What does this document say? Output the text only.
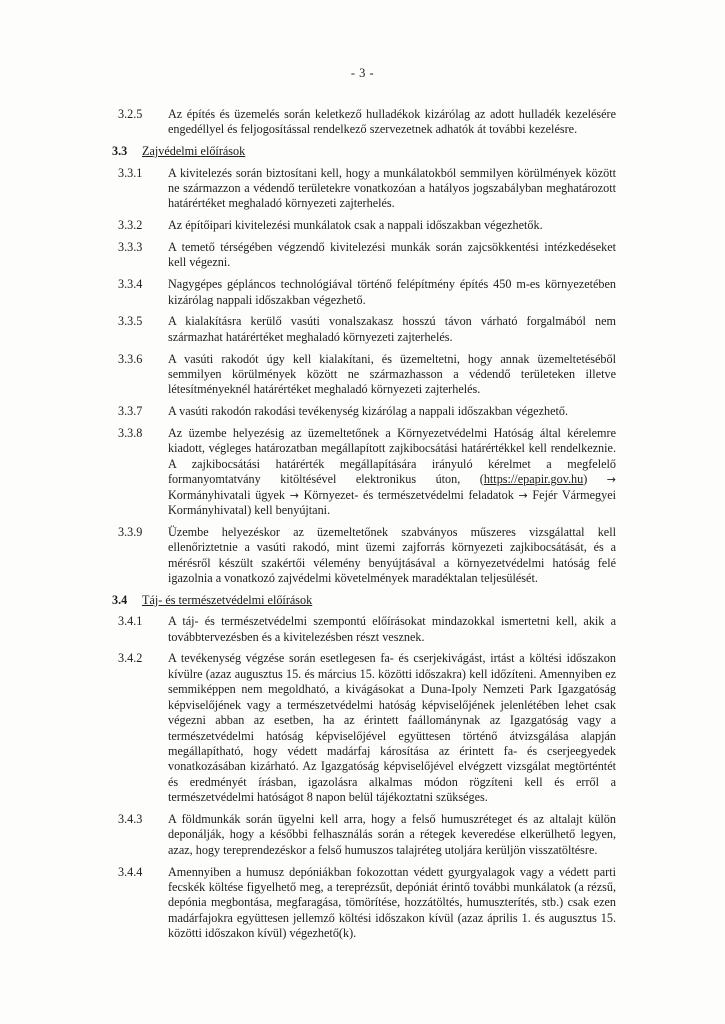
- 3 -
3.2.5	Az építés és üzemelés során keletkező hulladékok kizárólag az adott hulladék kezelésére engedéllyel és feljogosítással rendelkező szervezetnek adhatók át további kezelésre.
3.3	Zajvédelmi előírások
3.3.1	A kivitelezés során biztosítani kell, hogy a munkálatokból semmilyen körülmények között ne származzon a védendő területekre vonatkozóan a hatályos jogszabályban meghatározott határértéket meghaladó környezeti zajterhelés.
3.3.2	Az építőipari kivitelezési munkálatok csak a nappali időszakban végezhetők.
3.3.3	A temető térségében végzendő kivitelezési munkák során zajcsökkentési intézkedéseket kell végezni.
3.3.4	Nagygépes gépláncos technológiával történő felépítmény építés 450 m-es környezetében kizárólag nappali időszakban végezhető.
3.3.5	A kialakításra kerülő vasúti vonalszakasz hosszú távon várható forgalmából nem származhat határértéket meghaladó környezeti zajterhelés.
3.3.6	A vasúti rakodót úgy kell kialakítani, és üzemeltetni, hogy annak üzemeltetéséből semmilyen körülmények között ne származhasson a védendő területeken illetve létesítményeknél határértéket meghaladó környezeti zajterhelés.
3.3.7	A vasúti rakodón rakodási tevékenység kizárólag a nappali időszakban végezhető.
3.3.8	Az üzembe helyezésig az üzemeltetőnek a Környezetvédelmi Hatóság által kérelemre kiadott, végleges határozatban megállapított zajkibocsátási határértékkel kell rendelkeznie. A zajkibocsátási határérték megállapítására irányuló kérelmet a megfelelő formanyomtatvány kitöltésével elektronikus úton, (https://epapir.gov.hu) → Kormányhivatali ügyek → Környezet- és természetvédelmi feladatok → Fejér Vármegyei Kormányhivatal) kell benyújtani.
3.3.9	Üzembe helyezéskor az üzemeltetőnek szabványos műszeres vizsgálattal kell ellenőriztetnie a vasúti rakodó, mint üzemi zajforrás környezeti zajkibocsátását, és a mérésről készült szakértői vélemény benyújtásával a környezetvédelmi hatóság felé igazolnia a vonatkozó zajvédelmi követelmények maradéktalan teljesülését.
3.4	Táj- és természetvédelmi előírások
3.4.1	A táj- és természetvédelmi szempontú előírásokat mindazokkal ismertetni kell, akik a továbbtervezésben és a kivitelezésben részt vesznek.
3.4.2	A tevékenység végzése során esetlegesen fa- és cserjekivágást, irtást a költési időszakon kívülre (azaz augusztus 15. és március 15. közötti időszakra) kell időzíteni. Amennyiben ez semmiképpen nem megoldható, a kivágásokat a Duna-Ipoly Nemzeti Park Igazgatóság képviselőjének vagy a természetvédelmi hatóság képviselőjének jelenlétében lehet csak végezni abban az esetben, ha az érintett faállománynak az Igazgatóság vagy a természetvédelmi hatóság képviselőjével együttesen történő átvizsgálása alapján megállapítható, hogy védett madárfaj károsítása az érintett fa- és cserjeegyedek vonatkozásában kizárható. Az Igazgatóság képviselőjével elvégzett vizsgálat megtörténtét és eredményét írásban, igazolásra alkalmas módon rögzíteni kell és erről a természetvédelmi hatóságot 8 napon belül tájékoztatni szükséges.
3.4.3	A földmunkák során ügyelni kell arra, hogy a felső humuszréteget és az altalajt külön deponálják, hogy a későbbi felhasználás során a rétegek keveredése elkerülhető legyen, azaz, hogy tereprendezéskor a felső humuszos talajréteg utoljára kerüljön visszatöltésre.
3.4.4	Amennyiben a humusz depóniákban fokozottan védett gyurgyalagok vagy a védett parti fecskék költése figyelhető meg, a tereprézsűt, depóniát érintő további munkálatok (a rézsű, depónia megbontása, megfaragása, tömörítése, hozzátöltés, humuszterítés, stb.) csak ezen madárfajokra együttesen jellemző költési időszakon kívül (azaz április 1. és augusztus 15. közötti időszakon kívül) végezhető(k).
